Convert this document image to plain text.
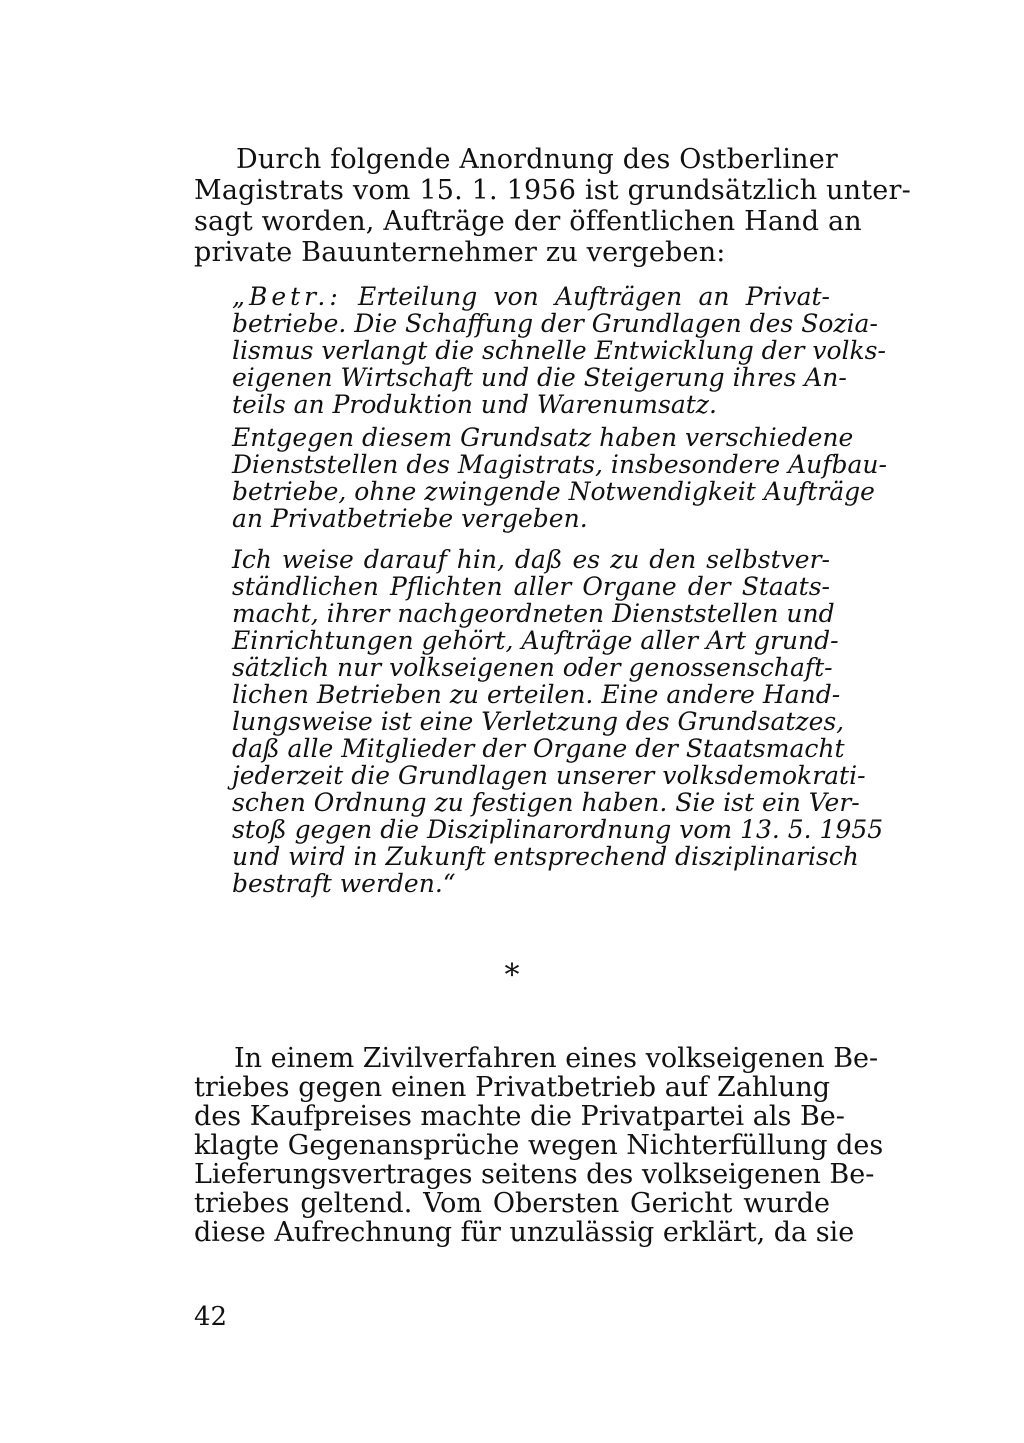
Durch folgende Anordnung des Ostberliner
Magistrats vom 15. 1. 1956 ist grundsätzlich unter-
sagt worden, Aufträge der öffentlichen Hand an
private Bauunternehmer zu vergeben:
„Betr.: Erteilung von Aufträgen an Privat-
betriebe. Die Schaffung der Grundlagen des Sozia-
lismus verlangt die schnelle Entwicklung der volks-
eigenen Wirtschaft und die Steigerung ihres An-
teils an Produktion und Warenumsatz.
Entgegen diesem Grundsatz haben verschiedene
Dienststellen des Magistrats, insbesondere Aufbau-
betriebe, ohne zwingende Notwendigkeit Aufträge
an Privatbetriebe vergeben.
Ich weise darauf hin, daß es zu den selbstver-
ständlichen Pflichten aller Organe der Staats-
macht, ihrer nachgeordneten Dienststellen und
Einrichtungen gehört, Aufträge aller Art grund-
sätzlich nur volkseigenen oder genossenschaft-
lichen Betrieben zu erteilen. Eine andere Hand-
lungsweise ist eine Verletzung des Grundsatzes,
daß alle Mitglieder der Organe der Staatsmacht
jederzeit die Grundlagen unserer volksdemokrati-
schen Ordnung zu festigen haben. Sie ist ein Ver-
stoß gegen die Disziplinarordnung vom 13. 5. 1955
und wird in Zukunft entsprechend disziplinarisch
bestraft werden.“
*
In einem Zivilverfahren eines volkseigenen Be-
triebes gegen einen Privatbetrieb auf Zahlung
des Kaufpreises machte die Privatpartei als Be-
klagte Gegenansprüche wegen Nichterfüllung des
Lieferungsvertrages seitens des volkseigenen Be-
triebes geltend. Vom Obersten Gericht wurde
diese Aufrechnung für unzulässig erklärt, da sie
42
